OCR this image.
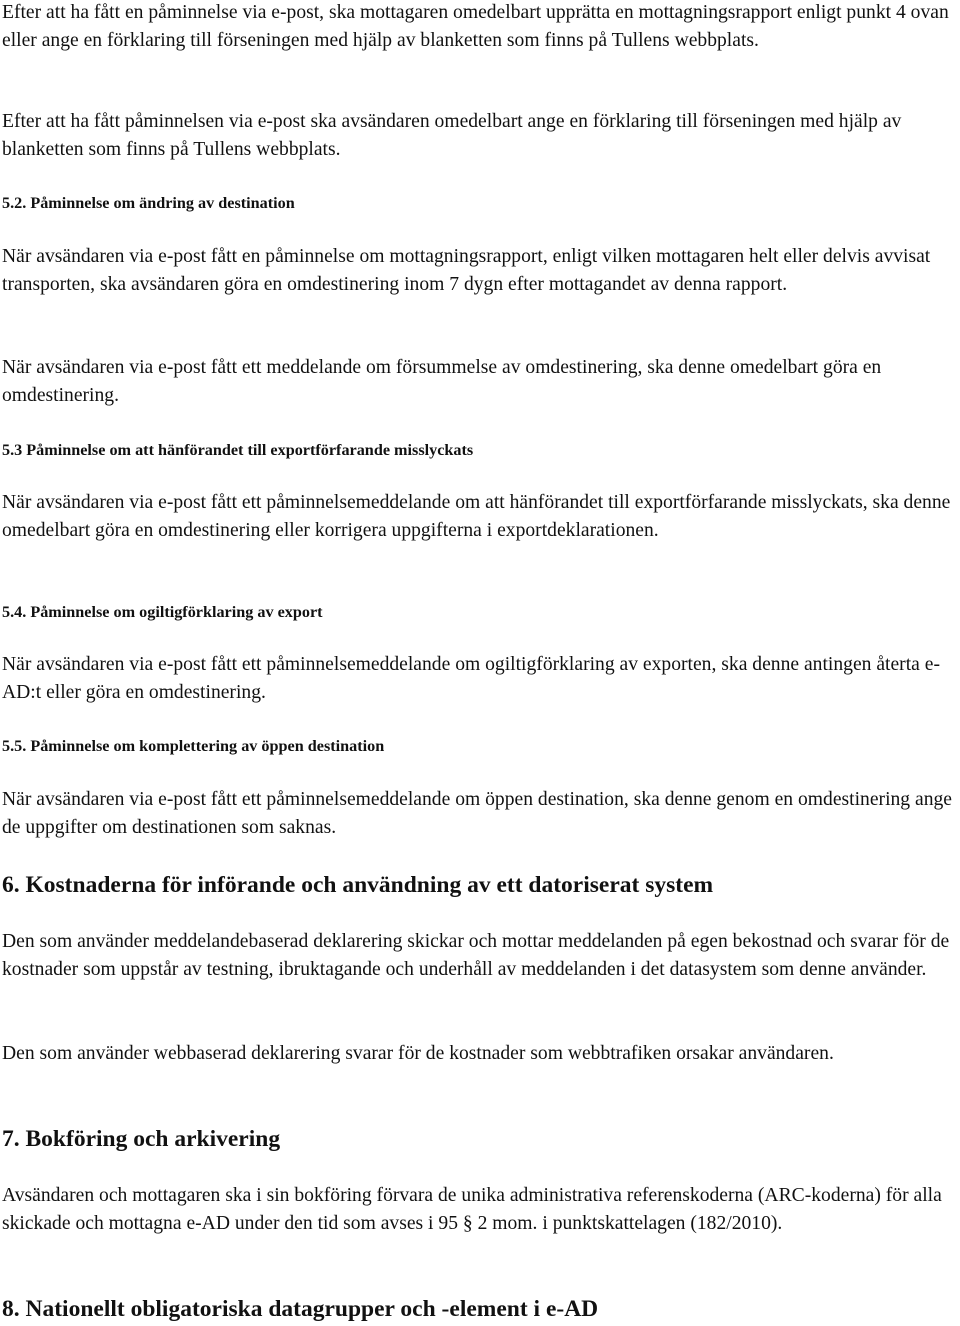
Efter att ha fått en påminnelse via e-post, ska mottagaren omedelbart upprätta en mottagningsrapport enligt punkt 4 ovan eller ange en förklaring till förseningen med hjälp av blanketten som finns på Tullens webbplats.

Efter att ha fått påminnelsen via e-post ska avsändaren omedelbart ange en förklaring till förseningen med hjälp av blanketten som finns på Tullens webbplats.

5.2. Påminnelse om ändring av destination

När avsändaren via e-post fått en påminnelse om mottagningsrapport, enligt vilken mottagaren helt eller delvis avvisat transporten, ska avsändaren göra en omdestinering inom 7 dygn efter mottagandet av denna rapport.

När avsändaren via e-post fått ett meddelande om försummelse av omdestinering, ska denne omedelbart göra en omdestinering.

5.3 Påminnelse om att hänförandet till exportförfarande misslyckats

När avsändaren via e-post fått ett påminnelsemeddelande om att hänförandet till exportförfarande misslyckats, ska denne omedelbart göra en omdestinering eller korrigera uppgifterna i exportdeklarationen.

5.4. Påminnelse om ogiltigförklaring av export

När avsändaren via e-post fått ett påminnelsemeddelande om ogiltigförklaring av exporten, ska denne antingen återta e-AD:t eller göra en omdestinering.

5.5. Påminnelse om komplettering av öppen destination

När avsändaren via e-post fått ett påminnelsemeddelande om öppen destination, ska denne genom en omdestinering ange de uppgifter om destinationen som saknas.

6. Kostnaderna för införande och användning av ett datoriserat system

Den som använder meddelandebaserad deklarering skickar och mottar meddelanden på egen bekostnad och svarar för de kostnader som uppstår av testning, ibruktagande och underhåll av meddelanden i det datasystem som denne använder.

Den som använder webbaserad deklarering svarar för de kostnader som webbtrafiken orsakar användaren.

7. Bokföring och arkivering

Avsändaren och mottagaren ska i sin bokföring förvara de unika administrativa referenskoderna (ARC-koderna) för alla skickade och mottagna e-AD under den tid som avses i 95 § 2 mom. i punktskattelagen (182/2010).

8. Nationellt obligatoriska datagrupper och -element i e-AD
